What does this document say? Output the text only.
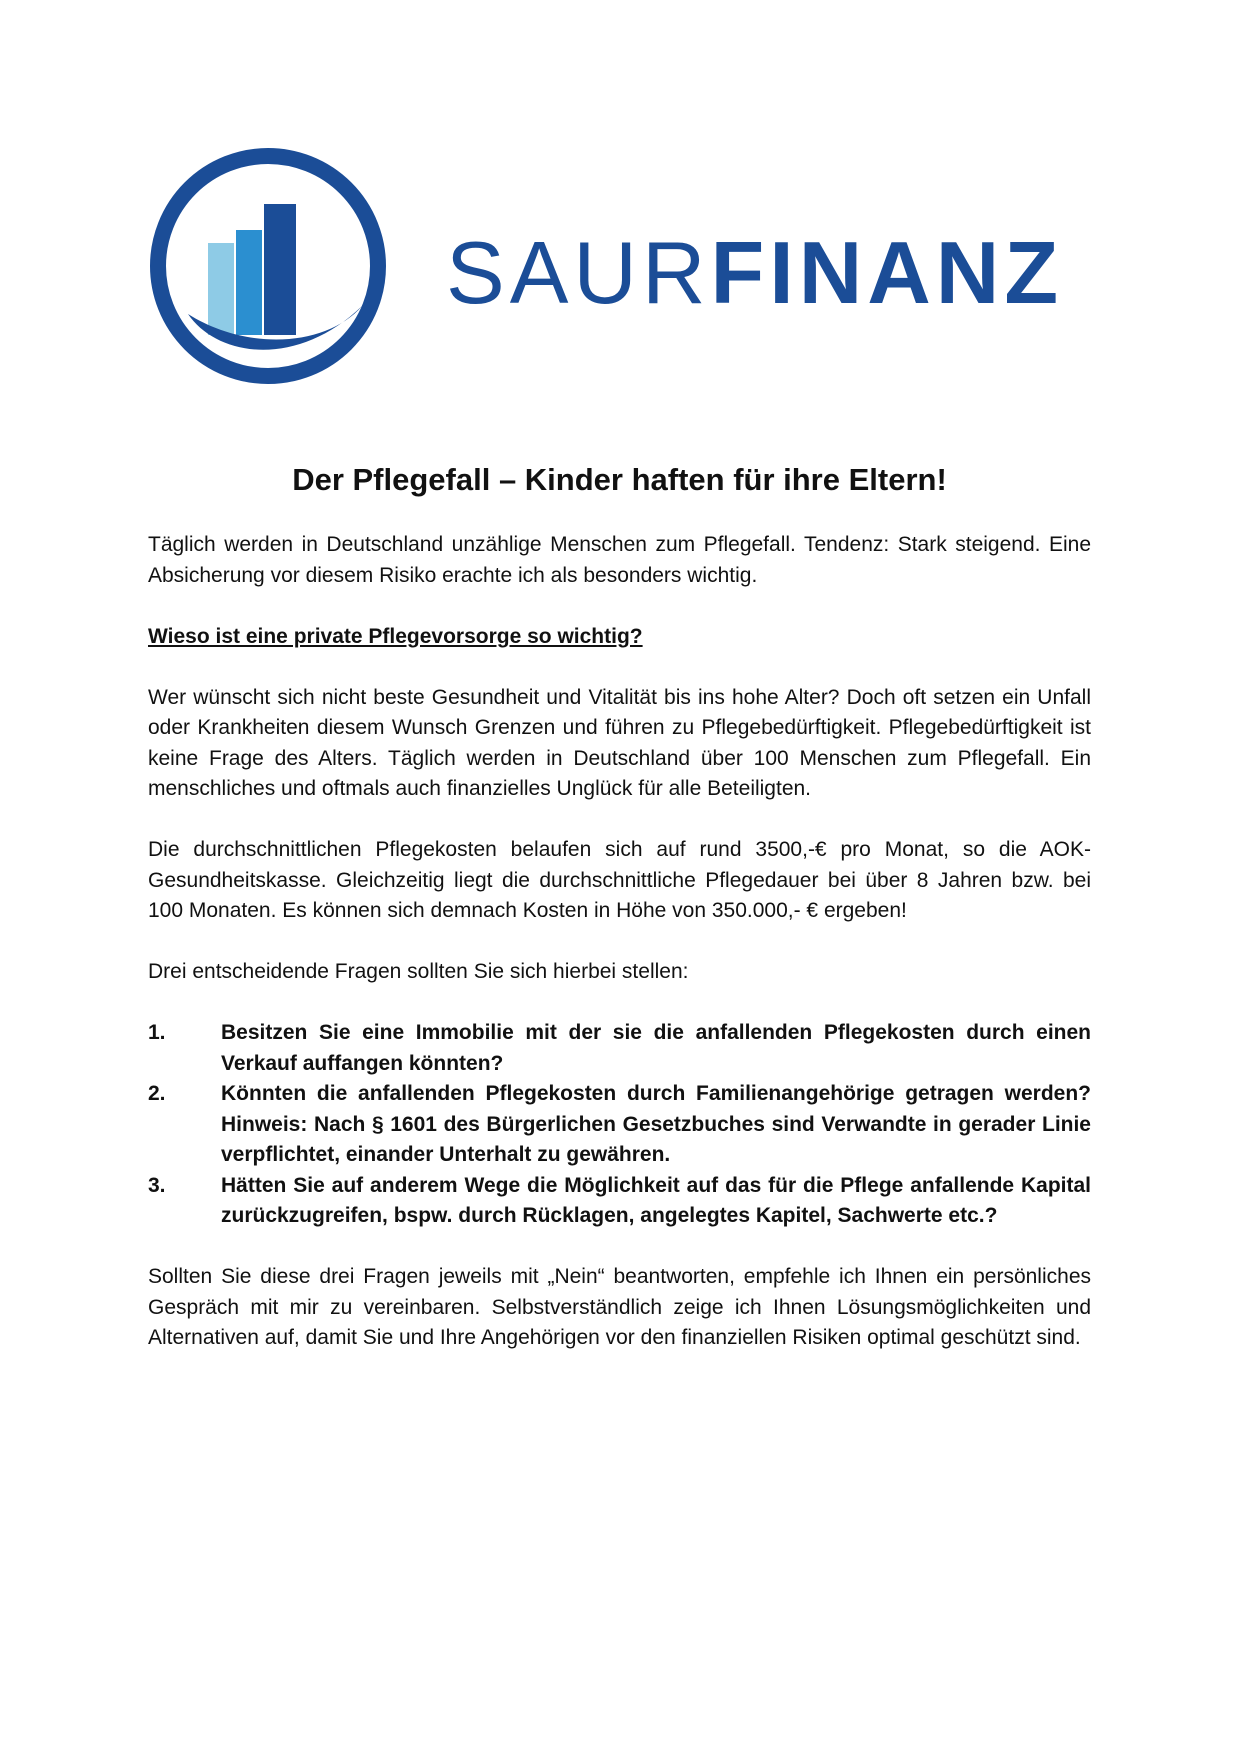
SAURFINANZ
Der Pflegefall – Kinder haften für ihre Eltern!

Täglich werden in Deutschland unzählige Menschen zum Pflegefall. Tendenz: Stark steigend. Eine Absicherung vor diesem Risiko erachte ich als besonders wichtig.

Wieso ist eine private Pflegevorsorge so wichtig?

Wer wünscht sich nicht beste Gesundheit und Vitalität bis ins hohe Alter? Doch oft setzen ein Unfall oder Krankheiten diesem Wunsch Grenzen und führen zu Pflegebedürftigkeit. Pflegebedürftigkeit ist keine Frage des Alters. Täglich werden in Deutschland über 100 Menschen zum Pflegefall. Ein menschliches und oftmals auch finanzielles Unglück für alle Beteiligten.

Die durchschnittlichen Pflegekosten belaufen sich auf rund 3500,-€ pro Monat, so die AOK-Gesundheitskasse. Gleichzeitig liegt die durchschnittliche Pflegedauer bei über 8 Jahren bzw. bei 100 Monaten. Es können sich demnach Kosten in Höhe von 350.000,- € ergeben!

Drei entscheidende Fragen sollten Sie sich hierbei stellen:

1.	Besitzen Sie eine Immobilie mit der sie die anfallenden Pflegekosten durch einen Verkauf auffangen könnten?
2.	Könnten die anfallenden Pflegekosten durch Familienangehörige getragen werden? Hinweis: Nach § 1601 des Bürgerlichen Gesetzbuches sind Verwandte in gerader Linie verpflichtet, einander Unterhalt zu gewähren.
3.	Hätten Sie auf anderem Wege die Möglichkeit auf das für die Pflege anfallende Kapital zurückzugreifen, bspw. durch Rücklagen, angelegtes Kapitel, Sachwerte etc.?

Sollten Sie diese drei Fragen jeweils mit „Nein“ beantworten, empfehle ich Ihnen ein persönliches Gespräch mit mir zu vereinbaren. Selbstverständlich zeige ich Ihnen Lösungsmöglichkeiten und Alternativen auf, damit Sie und Ihre Angehörigen vor den finanziellen Risiken optimal geschützt sind.
